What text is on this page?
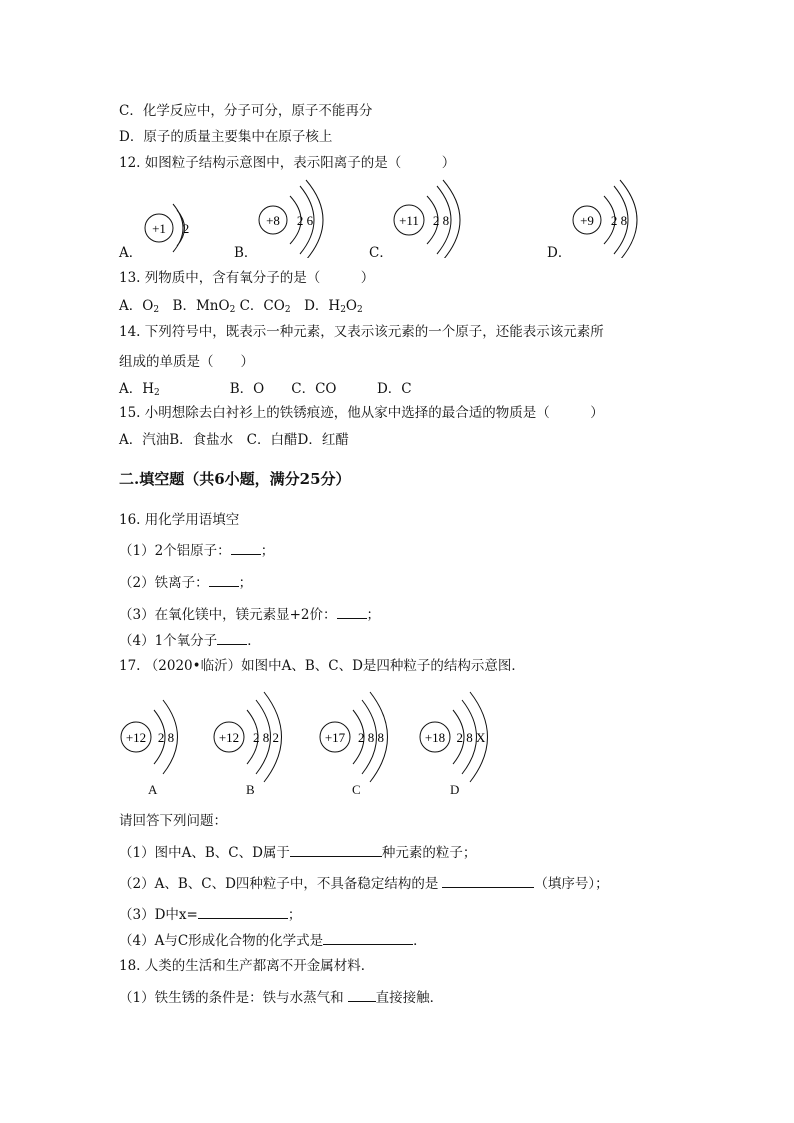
C．化学反应中，分子可分，原子不能再分
D．原子的质量主要集中在原子核上
12. 如图粒子结构示意图中，表示阳离子的是（　　　）
+1 2
+8 2 6	+11 2 8	+9 2 8
A．	B．	C．	D．
13. 列物质中，含有氧分子的是（　　　）
A．$O_2$　B．MnO$_2$ C．$CO_2$　D．$H_2O_2$
14. 下列符号中，既表示一种元素，又表示该元素的一个原子，还能表示该元素所
组成的单质是（　　）
A．$H_2$	B．O　　C．CO　　　D．C
15. 小明想除去白衬衫上的铁锈痕迹，他从家中选择的最合适的物质是（　　　）
A．汽油B．食盐水　C．白醋D．红醋
二.填空题（共6小题，满分25分）
16. 用化学用语填空
（1）2个铝原子： ；
（2）铁离子： ；
（3）在氧化镁中，镁元素显+2价： ；
（4）1个氧分子 ．
17. （2020•临沂）如图中A、B、C、D是四种粒子的结构示意图．
+12 2 8	+12 2 8 2	+17 2 8 8	+18 2 8 X
A	B	C	D
请回答下列问题：
（1）图中A、B、C、D属于	种元素的粒子；
（2）A、B、C、D四种粒子中，不具备稳定结构的是	（填序号）；
（3）D中x=	；
（4）A与C形成化合物的化学式是	．
18. 人类的生活和生产都离不开金属材料．
（1）铁生锈的条件是：铁与水蒸气和 直接接触．
